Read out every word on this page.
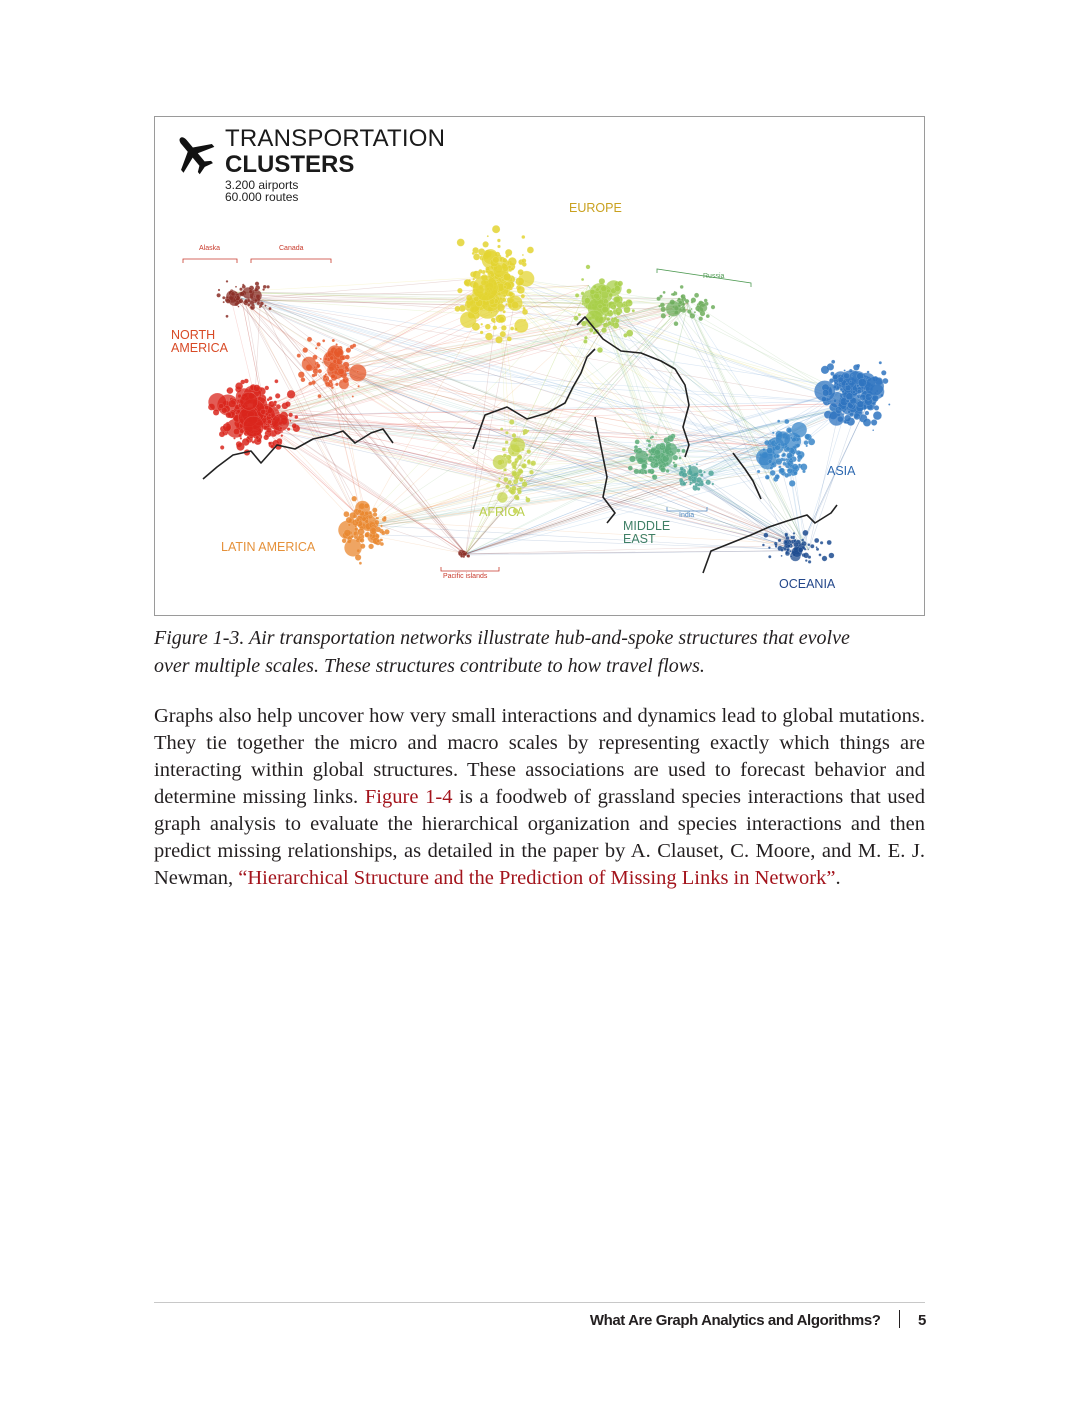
TRANSPORTATION
CLUSTERS
3.200 airports
60.000 routes
EUROPE
NORTH
AMERICA
ASIA
AFRICA
MIDDLE
EAST
LATIN AMERICA
OCEANIA
Alaska	Canada
Russia
India
Pacific islands
Figure 1-3. Air transportation networks illustrate hub-and-spoke structures that evolve
over multiple scales. These structures contribute to how travel flows.

Graphs also help uncover how very small interactions and dynamics lead to global mutations. They tie together the micro and macro scales by representing exactly which things are interacting within global structures. These associations are used to forecast behavior and determine missing links. Figure 1-4 is a foodweb of grassland species interactions that used graph analysis to evaluate the hierarchical organization and species interactions and then predict missing relationships, as detailed in the paper by A. Clauset, C. Moore, and M. E. J. Newman, “Hierarchical Structure and the Prediction of Missing Links in Network”.

What Are Graph Analytics and Algorithms?	5
